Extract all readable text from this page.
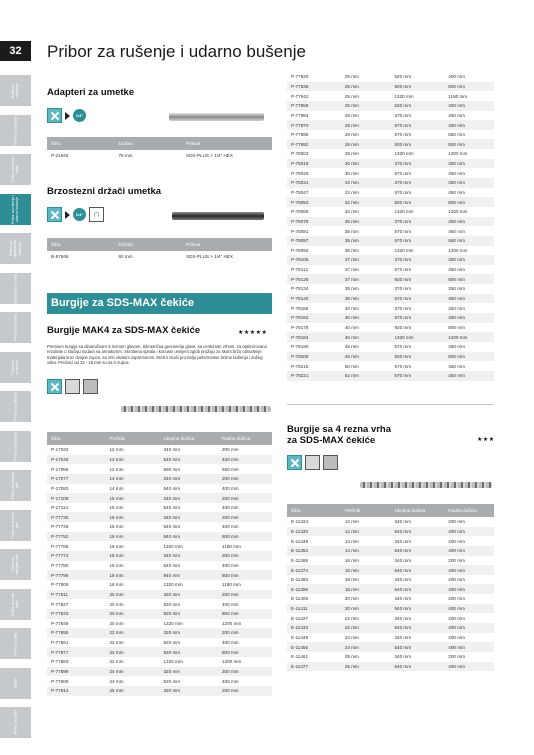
32	Pribor za rušenje i udarno bušenje
Bušenje i odvijanje
Pribor za stezanje
Pribor za ručne alate
Pribor za rušenje i udarno bušenje
Pribor za dijamantno bušenje
Brušenje i rezanje
Pribor za rezanje
Pribor za brušenje
Pribor za poliranje
Pribor za glodanje
Pribor za ubodne pile
Pribor za kružne pile
Pribor za sabljaste pile
Pribor za multi alate
Pribor za alate
Ostalo
Pribor za baštu
Adapteri za umetke
1/4"
Šifra	Dužina	Prihvat
P-21646	78 mm	SDS-PLUS > 1/4" HEX
Brzostezni držači umetka
1/4" ∩
Šifra	Dužina	Prihvat
B-57946	60 mm	SDS-PLUS > 1/4" HEX
Burgije za SDS-MAX čekiće
Burgije MAK4 za SDS-MAX čekiće	★★★★★
Premium burgija sa dinamičnom 4-reznom glavom. Slimetrična geometrija glave, sa centrirnim vrhom, za optimizovano rezultate u slučaju sudara sa armaturom. Skrobena spirala i konusni usmjeni zglob pružaju za skoro bržu odvođenje materijala kroz dvojne zupce, sa vrlo visokim zapreminom. MAK4 znači pro-bolja peformanse brzine bušenja i dužeg veka. Prečnici od 12 - 15 mm su sa 2-zupca.
Šifra	Prečnik	Ukupna dužina	Radna dužina
P-17033	12 mm	340 mm	200 mm
P-17049	12 mm	540 mm	400 mm
P-17055	12 mm	690 mm	550 mm
P-17077	14 mm	340 mm	200 mm
P-17083	14 mm	540 mm	400 mm
P-17108	15 mm	340 mm	200 mm
P-17114	15 mm	540 mm	400 mm
P-77730	16 mm	340 mm	200 mm
P-77746	16 mm	540 mm	400 mm
P-77752	16 mm	940 mm	800 mm
P-77768	16 mm	1320 mm	1180 mm
P-77774	18 mm	340 mm	200 mm
P-77780	18 mm	540 mm	400 mm
P-77796	18 mm	940 mm	800 mm
P-77805	18 mm	1320 mm	1180 mm
P-77811	20 mm	320 mm	200 mm
P-77827	20 mm	520 mm	400 mm
P-77833	20 mm	920 mm	800 mm
P-77849	20 mm	1320 mm	1200 mm
P-77855	22 mm	320 mm	200 mm
P-77861	22 mm	520 mm	400 mm
P-77877	22 mm	920 mm	800 mm
P-77883	22 mm	1320 mm	1200 mm
P-77899	24 mm	320 mm	200 mm
P-77908	24 mm	520 mm	400 mm
P-77914	25 mm	320 mm	200 mm
P-77920	25 mm	520 mm	400 mm
P-77936	25 mm	920 mm	800 mm
P-77942	25 mm	1320 mm	1180 mm
P-77958	26 mm	520 mm	400 mm
P-77964	28 mm	370 mm	250 mm
P-77970	28 mm	570 mm	450 mm
P-77986	28 mm	670 mm	550 mm
P-77992	28 mm	920 mm	800 mm
P-78003	28 mm	1320 mm	1200 mm
P-78019	30 mm	370 mm	250 mm
P-78025	30 mm	570 mm	450 mm
P-78031	32 mm	370 mm	250 mm
P-78047	32 mm	570 mm	450 mm
P-78053	32 mm	920 mm	800 mm
P-78069	32 mm	1320 mm	1200 mm
P-78075	35 mm	370 mm	250 mm
P-78081	35 mm	570 mm	450 mm
P-78097	35 mm	670 mm	550 mm
P-78092	35 mm	1320 mm	1200 mm
P-78106	37 mm	370 mm	250 mm
P-78112	37 mm	570 mm	450 mm
P-78128	37 mm	920 mm	800 mm
P-78134	38 mm	370 mm	250 mm
P-78140	38 mm	570 mm	450 mm
P-78156	40 mm	370 mm	250 mm
P-78162	40 mm	570 mm	450 mm
P-78178	40 mm	920 mm	800 mm
P-78184	40 mm	1320 mm	1200 mm
P-78190	45 mm	570 mm	450 mm
P-78209	45 mm	920 mm	800 mm
P-78215	50 mm	570 mm	450 mm
P-78221	52 mm	570 mm	450 mm
Burgije sa 4 rezna vrha
za SDS-MAX čekiće	★★★
Šifra	Prečnik	Ukupna dužina	Radna dužina
E-11324	12 mm	340 mm	200 mm
E-11330	12 mm	540 mm	400 mm
E-11349	14 mm	340 mm	200 mm
E-11352	14 mm	540 mm	400 mm
E-11368	16 mm	340 mm	200 mm
E-11374	16 mm	540 mm	400 mm
E-11380	18 mm	340 mm	200 mm
E-11396	18 mm	540 mm	400 mm
E-11405	20 mm	340 mm	200 mm
E-11411	20 mm	540 mm	400 mm
E-11427	22 mm	340 mm	200 mm
E-11433	22 mm	540 mm	400 mm
E-11449	24 mm	340 mm	200 mm
E-11455	24 mm	540 mm	400 mm
E-11461	25 mm	340 mm	200 mm
E-11477	25 mm	540 mm	400 mm
